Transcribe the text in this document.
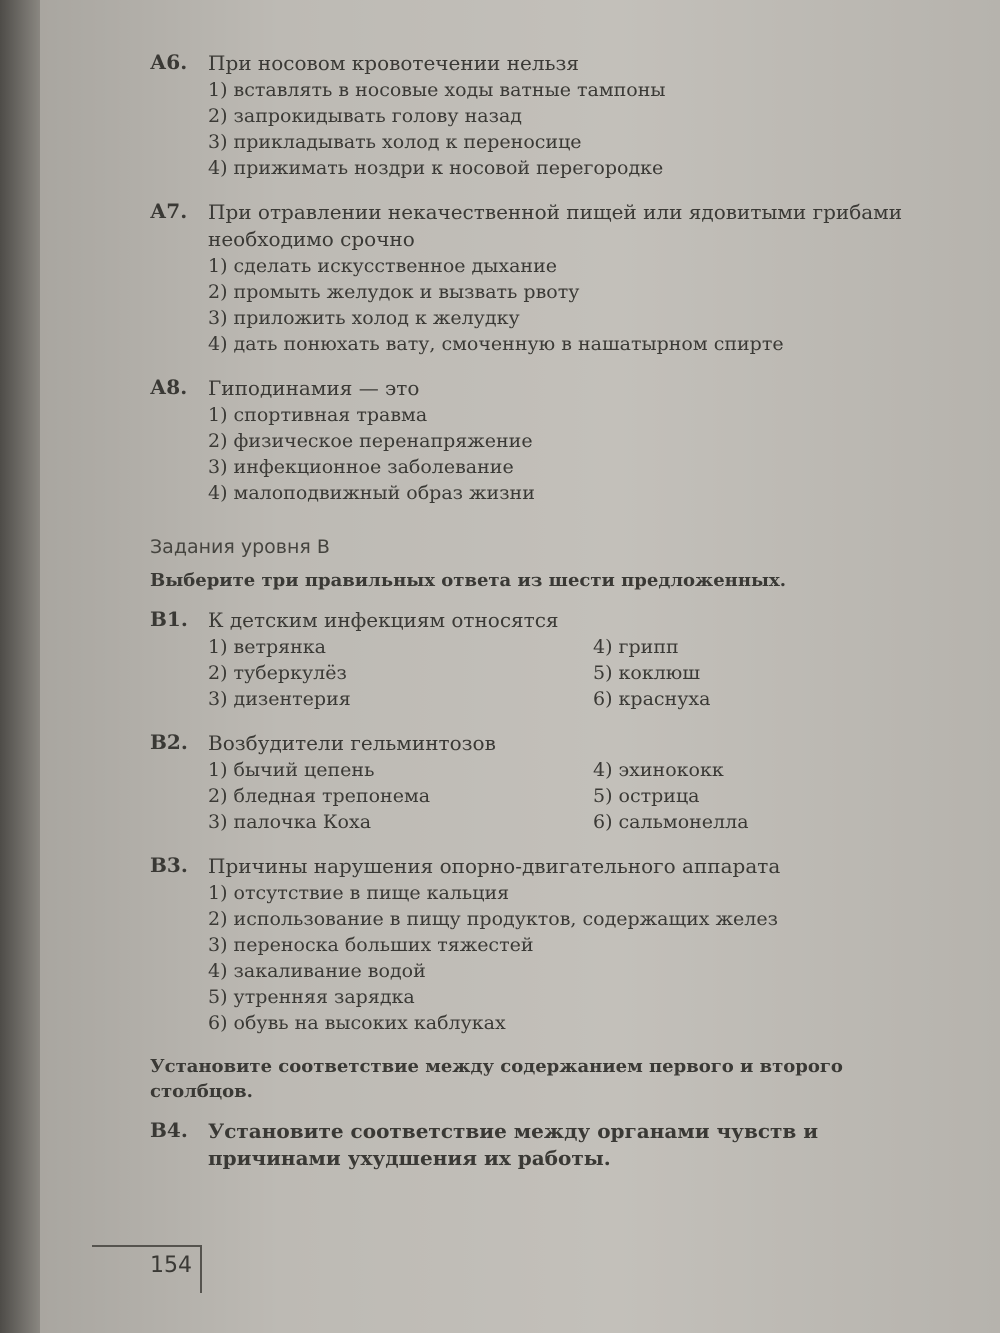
А6. При носовом кровотечении нельзя
1) вставлять в носовые ходы ватные тампоны
2) запрокидывать голову назад
3) прикладывать холод к переносице
4) прижимать ноздри к носовой перегородке
А7. При отравлении некачественной пищей или ядовитыми грибами необходимо срочно
1) сделать искусственное дыхание
2) промыть желудок и вызвать рвоту
3) приложить холод к желудку
4) дать понюхать вату, смоченную в нашатырном спирте
А8. Гиподинамия — это
1) спортивная травма
2) физическое перенапряжение
3) инфекционное заболевание
4) малоподвижный образ жизни
Задания уровня В
Выберите три правильных ответа из шести предложенных.
В1. К детским инфекциям относятся
1) ветрянка
2) туберкулёз
3) дизентерия
4) грипп
5) коклюш
6) краснуха
В2. Возбудители гельминтозов
1) бычий цепень
2) бледная трепонема
3) палочка Коха
4) эхинококк
5) острица
6) сальмонелла
В3. Причины нарушения опорно-двигательного аппарата
1) отсутствие в пище кальция
2) использование в пищу продуктов, содержащих желез
3) переноска больших тяжестей
4) закаливание водой
5) утренняя зарядка
6) обувь на высоких каблуках
Установите соответствие между содержанием первого и второго столбцов.
В4. Установите соответствие между органами чувств и причинами ухудшения их работы.
154
